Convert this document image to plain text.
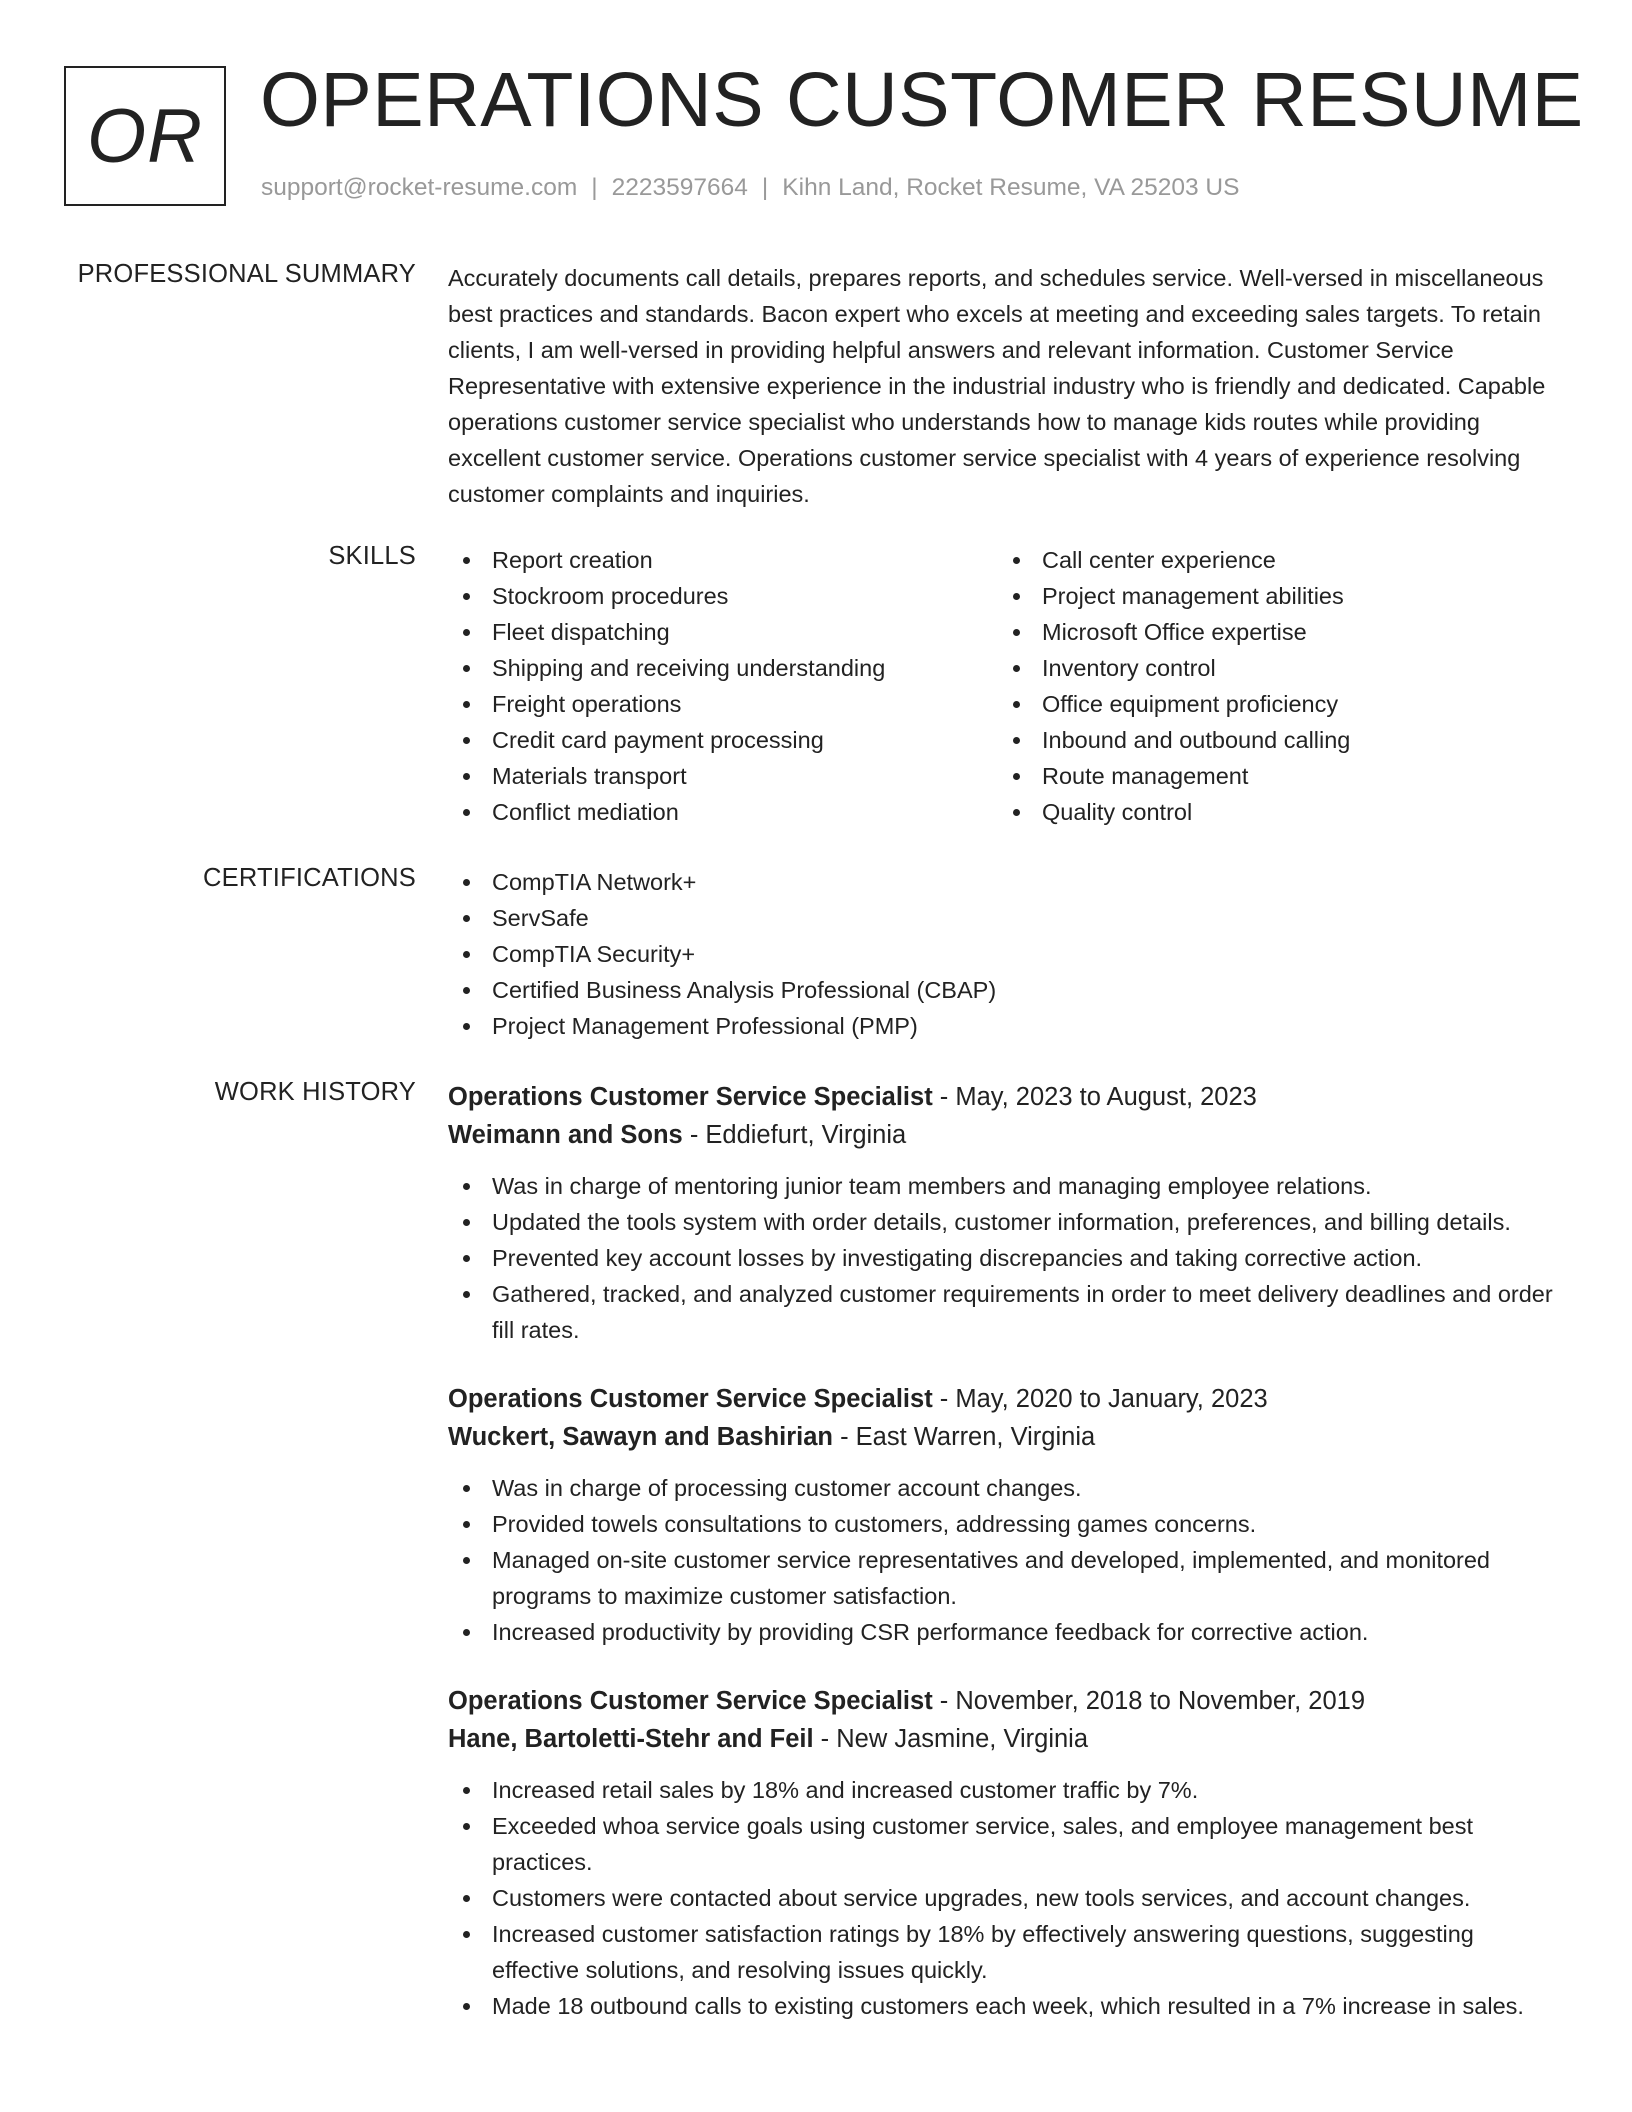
OR OPERATIONS CUSTOMER RESUME
support@rocket-resume.com | 2223597664 | Kihn Land, Rocket Resume, VA 25203 US
PROFESSIONAL SUMMARY Accurately documents call details, prepares reports, and schedules service. Well-versed in miscellaneous best practices and standards. Bacon expert who excels at meeting and exceeding sales targets. To retain clients, I am well-versed in providing helpful answers and relevant information. Customer Service Representative with extensive experience in the industrial industry who is friendly and dedicated. Capable operations customer service specialist who understands how to manage kids routes while providing excellent customer service. Operations customer service specialist with 4 years of experience resolving customer complaints and inquiries.

SKILLS	Report creation
Stockroom procedures
Fleet dispatching
Shipping and receiving understanding
Freight operations
Credit card payment processing
Materials transport
Conflict mediation
Call center experience
Project management abilities
Microsoft Office expertise
Inventory control
Office equipment proficiency
Inbound and outbound calling
Route management
Quality control
CERTIFICATIONS	CompTIA Network+
ServSafe
CompTIA Security+
Certified Business Analysis Professional (CBAP)
Project Management Professional (PMP)
WORK HISTORY Operations Customer Service Specialist - May, 2023 to August, 2023
Weimann and Sons - Eddiefurt, Virginia
Was in charge of mentoring junior team members and managing employee relations.
Updated the tools system with order details, customer information, preferences, and billing details.
Prevented key account losses by investigating discrepancies and taking corrective action.
Gathered, tracked, and analyzed customer requirements in order to meet delivery deadlines and order fill rates.
Operations Customer Service Specialist - May, 2020 to January, 2023
Wuckert, Sawayn and Bashirian - East Warren, Virginia
Was in charge of processing customer account changes.
Provided towels consultations to customers, addressing games concerns.
Managed on-site customer service representatives and developed, implemented, and monitored programs to maximize customer satisfaction.
Increased productivity by providing CSR performance feedback for corrective action.
Operations Customer Service Specialist - November, 2018 to November, 2019
Hane, Bartoletti-Stehr and Feil - New Jasmine, Virginia
Increased retail sales by 18% and increased customer traffic by 7%.
Exceeded whoa service goals using customer service, sales, and employee management best practices.
Customers were contacted about service upgrades, new tools services, and account changes.
Increased customer satisfaction ratings by 18% by effectively answering questions, suggesting effective solutions, and resolving issues quickly.
Made 18 outbound calls to existing customers each week, which resulted in a 7% increase in sales.
